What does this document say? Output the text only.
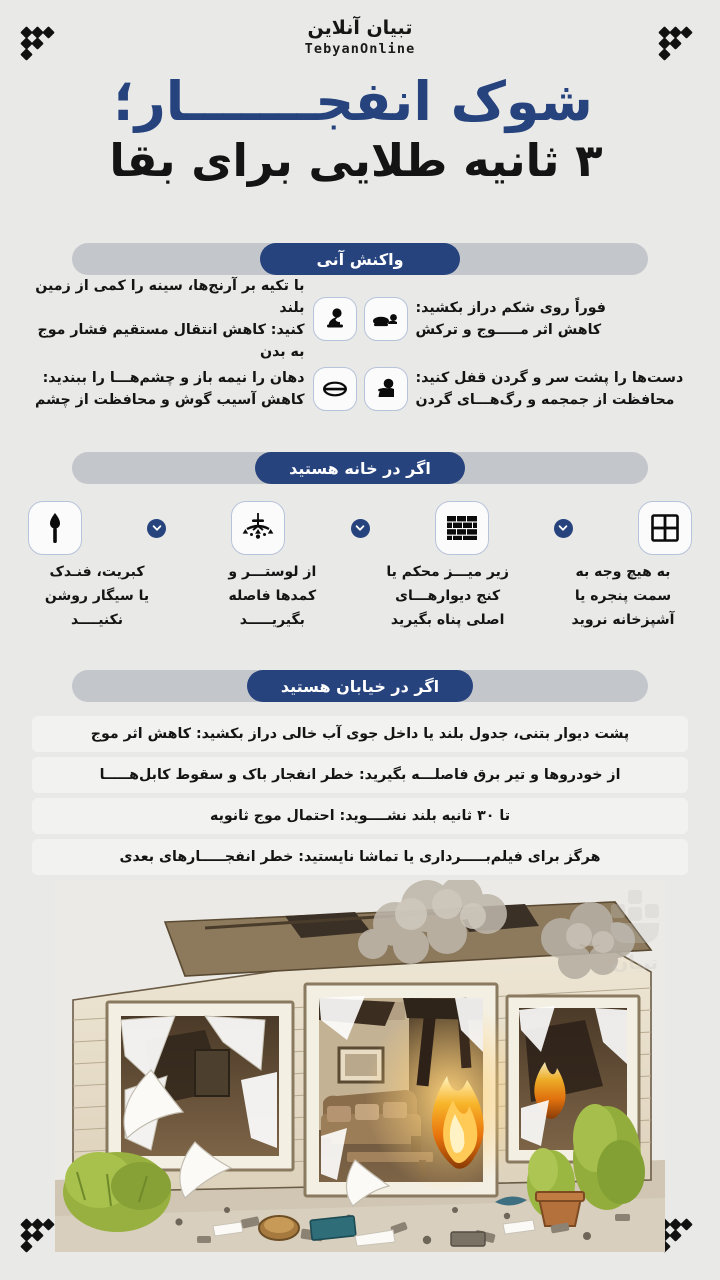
تبیان آنلاین
TebyanOnline
شوک انفجـــــــار؛
۳ ثانیه طلایی برای بقا
واکنش آنی
فوراً روی شکم دراز بکشید:
کاهش اثر مـــــوج و ترکش
با تکیه بر آرنج‌ها، سینه را کمی از زمین بلند
کنید: کاهش انتقال مستقیم فشار موج به بدن
دست‌ها را پشت سر و گردن قفل کنید:
محافظت از جمجمه و رگ‌هـــای گردن
دهان را نیمه باز و چشم‌هـــا را ببندید:
کاهش آسیب گوش و محافظت از چشم
اگر در خانه هستید
به هیچ وجه به
سمت پنجره یا
آشپزخانه نروید
زیر میـــز محکم یا
کنج دیوارهـــای
اصلی پناه بگیرید
از لوستـــر و
کمدها فاصله
بگیریـــــد
کبریت، فنـدک
یا سیگار روشن
نکنیــــد
اگر در خیابان هستید
پشت دیوار بتنی، جدول بلند یا داخل جوی آب خالی دراز بکشید: کاهش اثر موج
از خودروها و تیر برق فاصلـــه بگیرید: خطر انفجار باک و سقوط کابل‌هـــــا
تا ۳۰ ثانیه بلند نشــــوید: احتمال موج ثانویه
هرگز برای فیلم‌بـــــرداری یا تماشا نایستید: خطر انفجـــــارهای بعدی
تبیان
